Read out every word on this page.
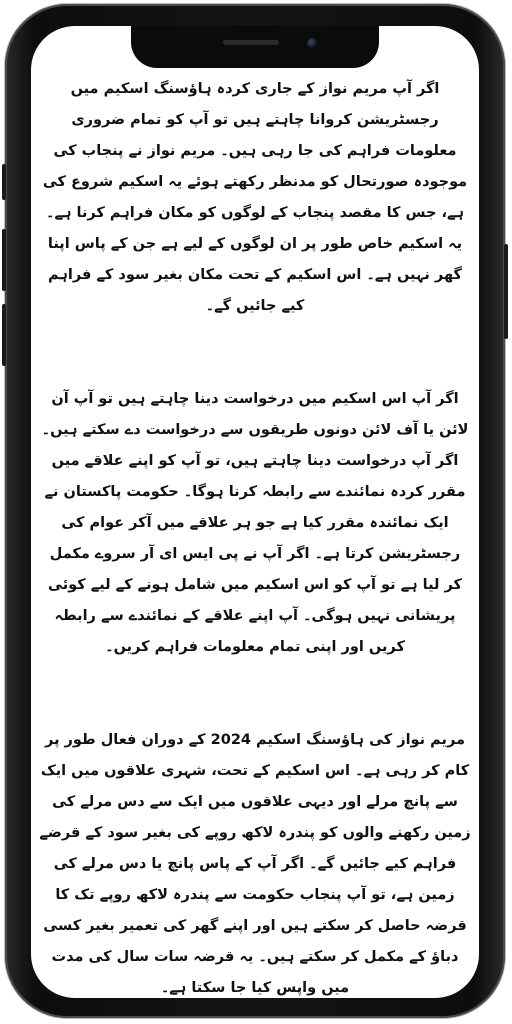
اگر آپ مریم نواز کے جاری کردہ ہاؤسنگ اسکیم میں رجسٹریشن کروانا چاہتے ہیں تو آپ کو تمام ضروری معلومات فراہم کی جا رہی ہیں۔ مریم نواز نے پنجاب کی موجودہ صورتحال کو مدنظر رکھتے ہوئے یہ اسکیم شروع کی ہے، جس کا مقصد پنجاب کے لوگوں کو مکان فراہم کرنا ہے۔ یہ اسکیم خاص طور پر ان لوگوں کے لیے ہے جن کے پاس اپنا گھر نہیں ہے۔ اس اسکیم کے تحت مکان بغیر سود کے فراہم کیے جائیں گے۔

اگر آپ اس اسکیم میں درخواست دینا چاہتے ہیں تو آپ آن لائن یا آف لائن دونوں طریقوں سے درخواست دے سکتے ہیں۔ اگر آپ درخواست دینا چاہتے ہیں، تو آپ کو اپنے علاقے میں مقرر کردہ نمائندے سے رابطہ کرنا ہوگا۔ حکومت پاکستان نے ایک نمائندہ مقرر کیا ہے جو ہر علاقے میں آکر عوام کی رجسٹریشن کرتا ہے۔ اگر آپ نے پی ایس ای آر سروے مکمل کر لیا ہے تو آپ کو اس اسکیم میں شامل ہونے کے لیے کوئی پریشانی نہیں ہوگی۔ آپ اپنے علاقے کے نمائندے سے رابطہ کریں اور اپنی تمام معلومات فراہم کریں۔

مریم نواز کی ہاؤسنگ اسکیم 2024 کے دوران فعال طور پر کام کر رہی ہے۔ اس اسکیم کے تحت، شہری علاقوں میں ایک سے پانچ مرلے اور دیہی علاقوں میں ایک سے دس مرلے کی زمین رکھنے والوں کو پندرہ لاکھ روپے کی بغیر سود کے قرضے فراہم کیے جائیں گے۔ اگر آپ کے پاس پانچ یا دس مرلے کی زمین ہے، تو آپ پنجاب حکومت سے پندرہ لاکھ روپے تک کا قرضہ حاصل کر سکتے ہیں اور اپنے گھر کی تعمیر بغیر کسی دباؤ کے مکمل کر سکتے ہیں۔ یہ قرضہ سات سال کی مدت میں واپس کیا جا سکتا ہے۔
